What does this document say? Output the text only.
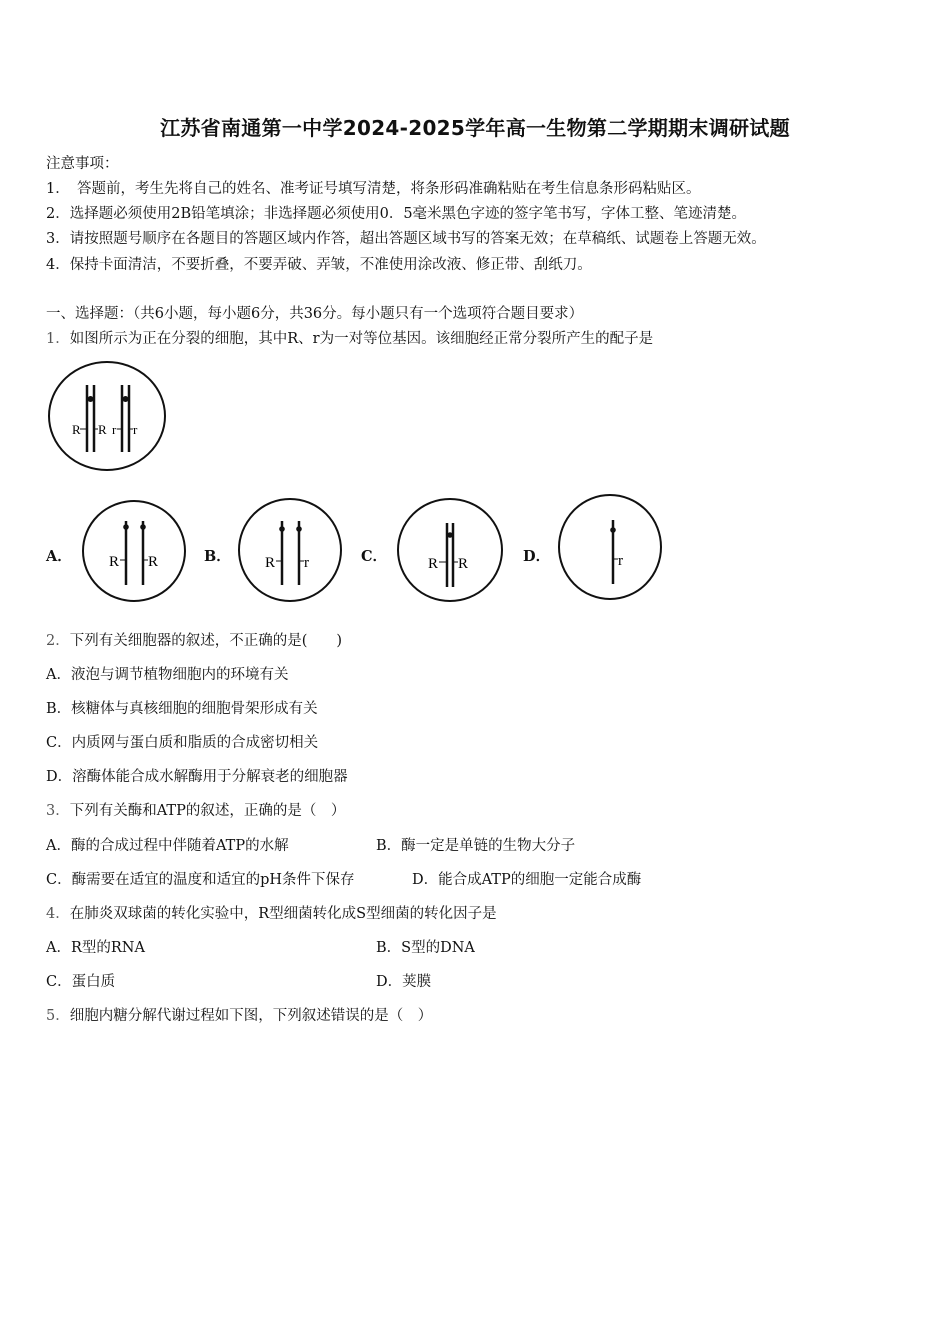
江苏省南通第一中学2024-2025学年高一生物第二学期期末调研试题
注意事项：
1．　答题前，考生先将自己的姓名、准考证号填写清楚，将条形码准确粘贴在考生信息条形码粘贴区。
2．选择题必须使用2B铅笔填涂；非选择题必须使用0．5毫米黑色字迹的签字笔书写，字体工整、笔迹清楚。
3．请按照题号顺序在各题目的答题区域内作答，超出答题区域书写的答案无效；在草稿纸、试题卷上答题无效。
4．保持卡面清洁，不要折叠，不要弄破、弄皱，不准使用涂改液、修正带、刮纸刀。
一、选择题：（共6小题，每小题6分，共36分。每小题只有一个选项符合题目要求）
1．如图所示为正在分裂的细胞，其中R、r为一对等位基因。该细胞经正常分裂所产生的配子是
R R r r
A． R R	B． R r	C．	R R	D．	r
2．下列有关细胞器的叙述，不正确的是(　　)
A．液泡与调节植物细胞内的环境有关
B．核糖体与真核细胞的细胞骨架形成有关
C．内质网与蛋白质和脂质的合成密切相关
D．溶酶体能合成水解酶用于分解衰老的细胞器
3．下列有关酶和ATP的叙述，正确的是（　）
A．酶的合成过程中伴随着ATP的水解	B．酶一定是单链的生物大分子
C．酶需要在适宜的温度和适宜的pH条件下保存	D．能合成ATP的细胞一定能合成酶
4．在肺炎双球菌的转化实验中，R型细菌转化成S型细菌的转化因子是
A．R型的RNA	B．S型的DNA
C．蛋白质	D．荚膜
5．细胞内糖分解代谢过程如下图，下列叙述错误的是（　）
